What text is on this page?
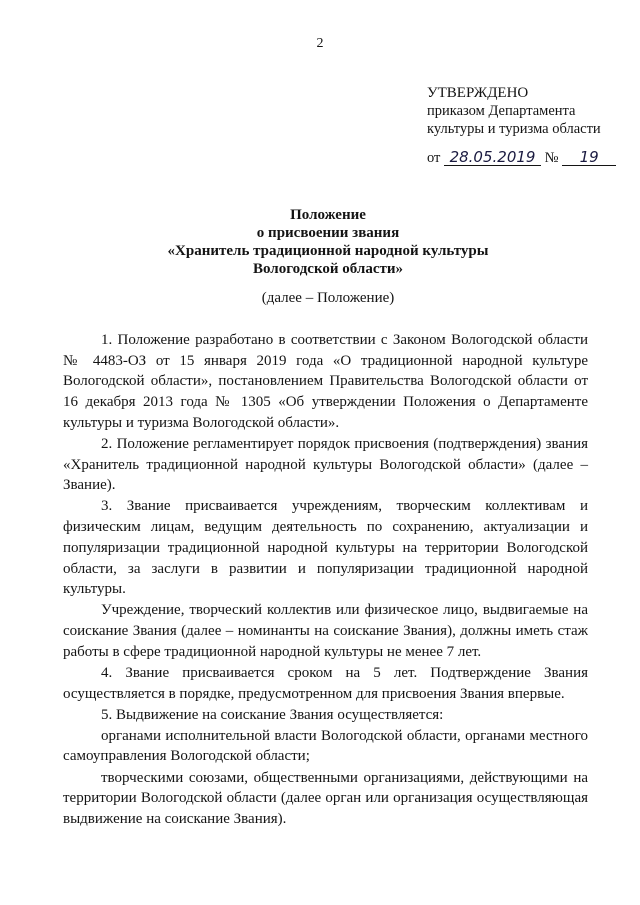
2
УТВЕРЖДЕНО
приказом Департамента
культуры и туризма области
от 28.05.2019 № 19
Положение
о присвоении звания
«Хранитель традиционной народной культуры
Вологодской области»
(далее – Положение)

1. Положение разработано в соответствии с Законом Вологодской области № 4483-ОЗ от 15 января 2019 года «О традиционной народной культуре Вологодской области», постановлением Правительства Вологодской области от 16 декабря 2013 года № 1305 «Об утверждении Положения о Департаменте культуры и туризма Вологодской области».

2. Положение регламентирует порядок присвоения (подтверждения) звания «Хранитель традиционной народной культуры Вологодской области» (далее – Звание).

3. Звание присваивается учреждениям, творческим коллективам и физическим лицам, ведущим деятельность по сохранению, актуализации и популяризации традиционной народной культуры на территории Вологодской области, за заслуги в развитии и популяризации традиционной народной культуры.

Учреждение, творческий коллектив или физическое лицо, выдвигаемые на соискание Звания (далее – номинанты на соискание Звания), должны иметь стаж работы в сфере традиционной народной культуры не менее 7 лет.

4. Звание присваивается сроком на 5 лет. Подтверждение Звания осуществляется в порядке, предусмотренном для присвоения Звания впервые.

5. Выдвижение на соискание Звания осуществляется:

органами исполнительной власти Вологодской области, органами местного самоуправления Вологодской области;

творческими союзами, общественными организациями, действующими на территории Вологодской области (далее орган или организация осуществляющая выдвижение на соискание Звания).
